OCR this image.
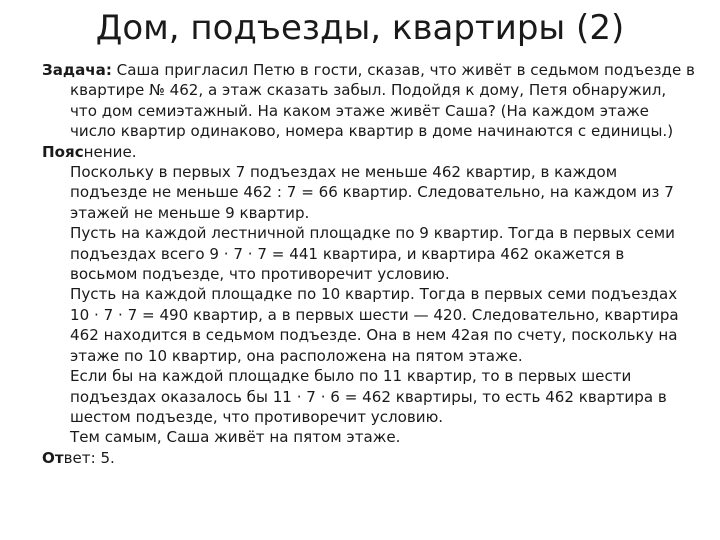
Дом, подъезды, квартиры (2)

Задача: Саша пригласил Петю в гости, сказав, что живёт в седьмом подъезде в квартире № 462, а этаж сказать забыл. Подойдя к дому, Петя обнаружил, что дом семиэтажный. На каком этаже живёт Саша? (На каждом этаже число квартир одинаково, номера квартир в доме начинаются с единицы.)

Пояснение.

Поскольку в первых 7 подъездах не меньше 462 квартир, в каждом подъезде не меньше 462 : 7 = 66 квартир. Следовательно, на каждом из 7 этажей не меньше 9 квартир.

Пусть на каждой лестничной площадке по 9 квартир. Тогда в первых семи подъездах всего 9 · 7 · 7 = 441 квартира, и квартира 462 окажется в восьмом подъезде, что противоречит условию.

Пусть на каждой площадке по 10 квартир. Тогда в первых семи подъездах 10 · 7 · 7 = 490 квартир, а в первых шести — 420. Следовательно, квартира 462 находится в седьмом подъезде. Она в нем 42ая по счету, поскольку на этаже по 10 квартир, она расположена на пятом этаже.

Если бы на каждой площадке было по 11 квартир, то в первых шести подъездах оказалось бы 11 · 7 · 6 = 462 квартиры, то есть 462 квартира в шестом подъезде, что противоречит условию.

Тем самым, Саша живёт на пятом этаже.

Ответ: 5.
